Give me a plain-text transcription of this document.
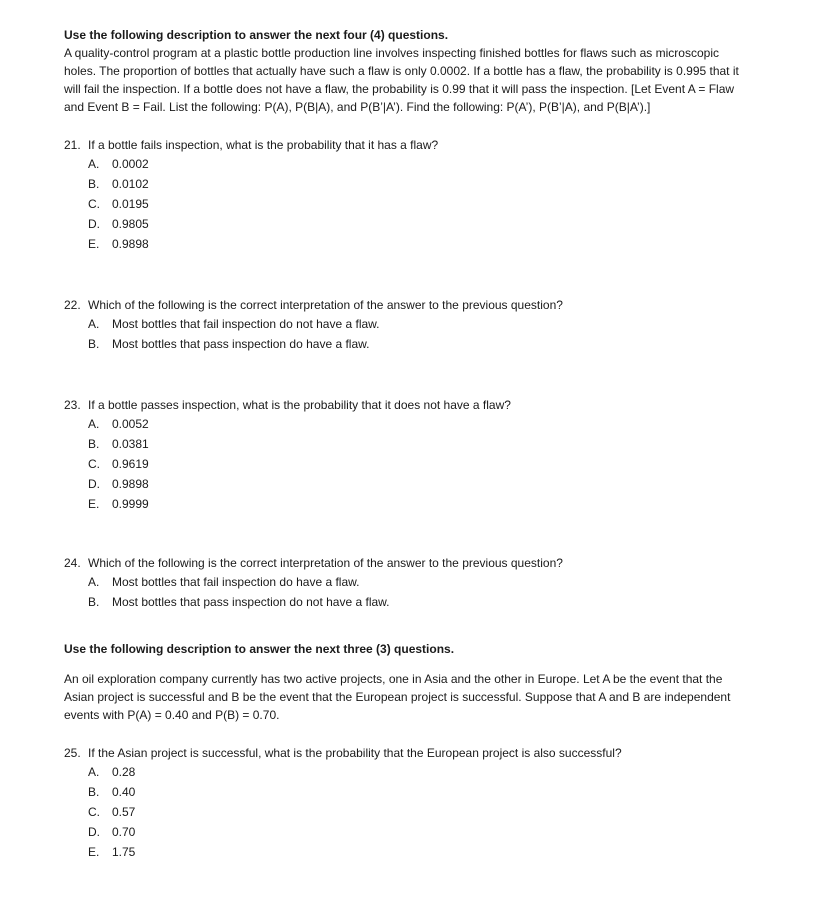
Use the following description to answer the next four (4) questions.

A quality-control program at a plastic bottle production line involves inspecting finished bottles for flaws such as microscopic holes. The proportion of bottles that actually have such a flaw is only 0.0002. If a bottle has a flaw, the probability is 0.995 that it will fail the inspection. If a bottle does not have a flaw, the probability is 0.99 that it will pass the inspection. [Let Event A = Flaw and Event B = Fail. List the following: P(A), P(B|A), and P(B’|A’). Find the following: P(A’), P(B’|A), and P(B|A’).]

21. If a bottle fails inspection, what is the probability that it has a flaw?

A. 0.0002
B. 0.0102
C. 0.0195
D. 0.9805
E. 0.9898

22. Which of the following is the correct interpretation of the answer to the previous question?

A. Most bottles that fail inspection do not have a flaw.
B. Most bottles that pass inspection do have a flaw.

23. If a bottle passes inspection, what is the probability that it does not have a flaw?

A. 0.0052
B. 0.0381
C. 0.9619
D. 0.9898
E. 0.9999

24. Which of the following is the correct interpretation of the answer to the previous question?

A. Most bottles that fail inspection do have a flaw.
B. Most bottles that pass inspection do not have a flaw.

Use the following description to answer the next three (3) questions.

An oil exploration company currently has two active projects, one in Asia and the other in Europe. Let A be the event that the Asian project is successful and B be the event that the European project is successful. Suppose that A and B are independent events with P(A) = 0.40 and P(B) = 0.70.

25. If the Asian project is successful, what is the probability that the European project is also successful?

A. 0.28
B. 0.40
C. 0.57
D. 0.70
E. 1.75
